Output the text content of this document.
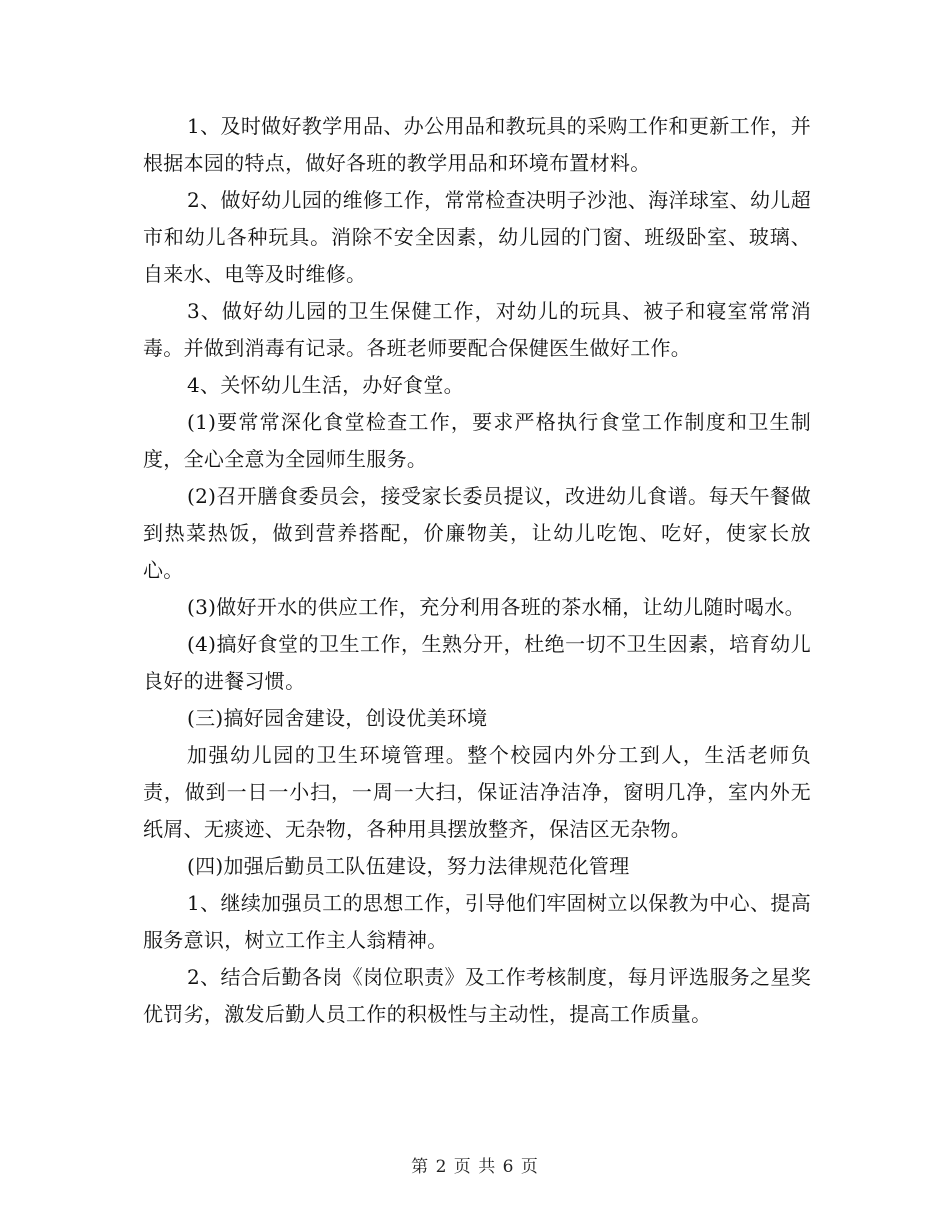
1、及时做好教学用品、办公用品和教玩具的采购工作和更新工作，并根据本园的特点，做好各班的教学用品和环境布置材料。

2、做好幼儿园的维修工作，常常检查决明子沙池、海洋球室、幼儿超市和幼儿各种玩具。消除不安全因素，幼儿园的门窗、班级卧室、玻璃、自来水、电等及时维修。

3、做好幼儿园的卫生保健工作，对幼儿的玩具、被子和寝室常常消毒。并做到消毒有记录。各班老师要配合保健医生做好工作。

4、关怀幼儿生活，办好食堂。

(1)要常常深化食堂检查工作，要求严格执行食堂工作制度和卫生制度，全心全意为全园师生服务。

(2)召开膳食委员会，接受家长委员提议，改进幼儿食谱。每天午餐做到热菜热饭，做到营养搭配，价廉物美，让幼儿吃饱、吃好，使家长放心。

(3)做好开水的供应工作，充分利用各班的茶水桶，让幼儿随时喝水。

(4)搞好食堂的卫生工作，生熟分开，杜绝一切不卫生因素，培育幼儿良好的进餐习惯。

(三)搞好园舍建设，创设优美环境

加强幼儿园的卫生环境管理。整个校园内外分工到人，生活老师负责，做到一日一小扫，一周一大扫，保证洁净洁净，窗明几净，室内外无纸屑、无痰迹、无杂物，各种用具摆放整齐，保洁区无杂物。

(四)加强后勤员工队伍建设，努力法律规范化管理

1、继续加强员工的思想工作，引导他们牢固树立以保教为中心、提高服务意识，树立工作主人翁精神。

2、结合后勤各岗《岗位职责》及工作考核制度，每月评选服务之星奖优罚劣，激发后勤人员工作的积极性与主动性，提高工作质量。

第 2 页 共 6 页
